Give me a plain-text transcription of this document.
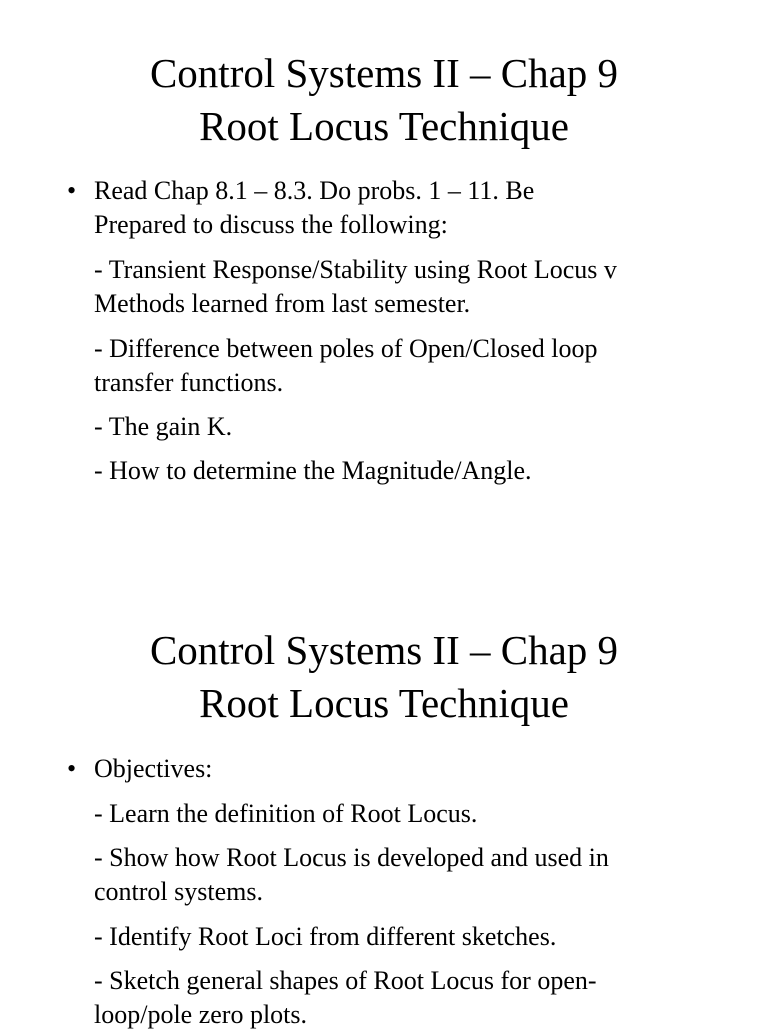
Control Systems II – Chap 9
Root Locus Technique
• Read Chap 8.1 – 8.3. Do probs. 1 – 11. Be
Prepared to discuss the following:
- Transient Response/Stability using Root Locus v
Methods learned from last semester.
- Difference between poles of Open/Closed loop
transfer functions.
- The gain K.
- How to determine the Magnitude/Angle.
Control Systems II – Chap 9
Root Locus Technique
• Objectives:
- Learn the definition of Root Locus.
- Show how Root Locus is developed and used in
control systems.
- Identify Root Loci from different sketches.
- Sketch general shapes of Root Locus for open-
loop/pole zero plots.
